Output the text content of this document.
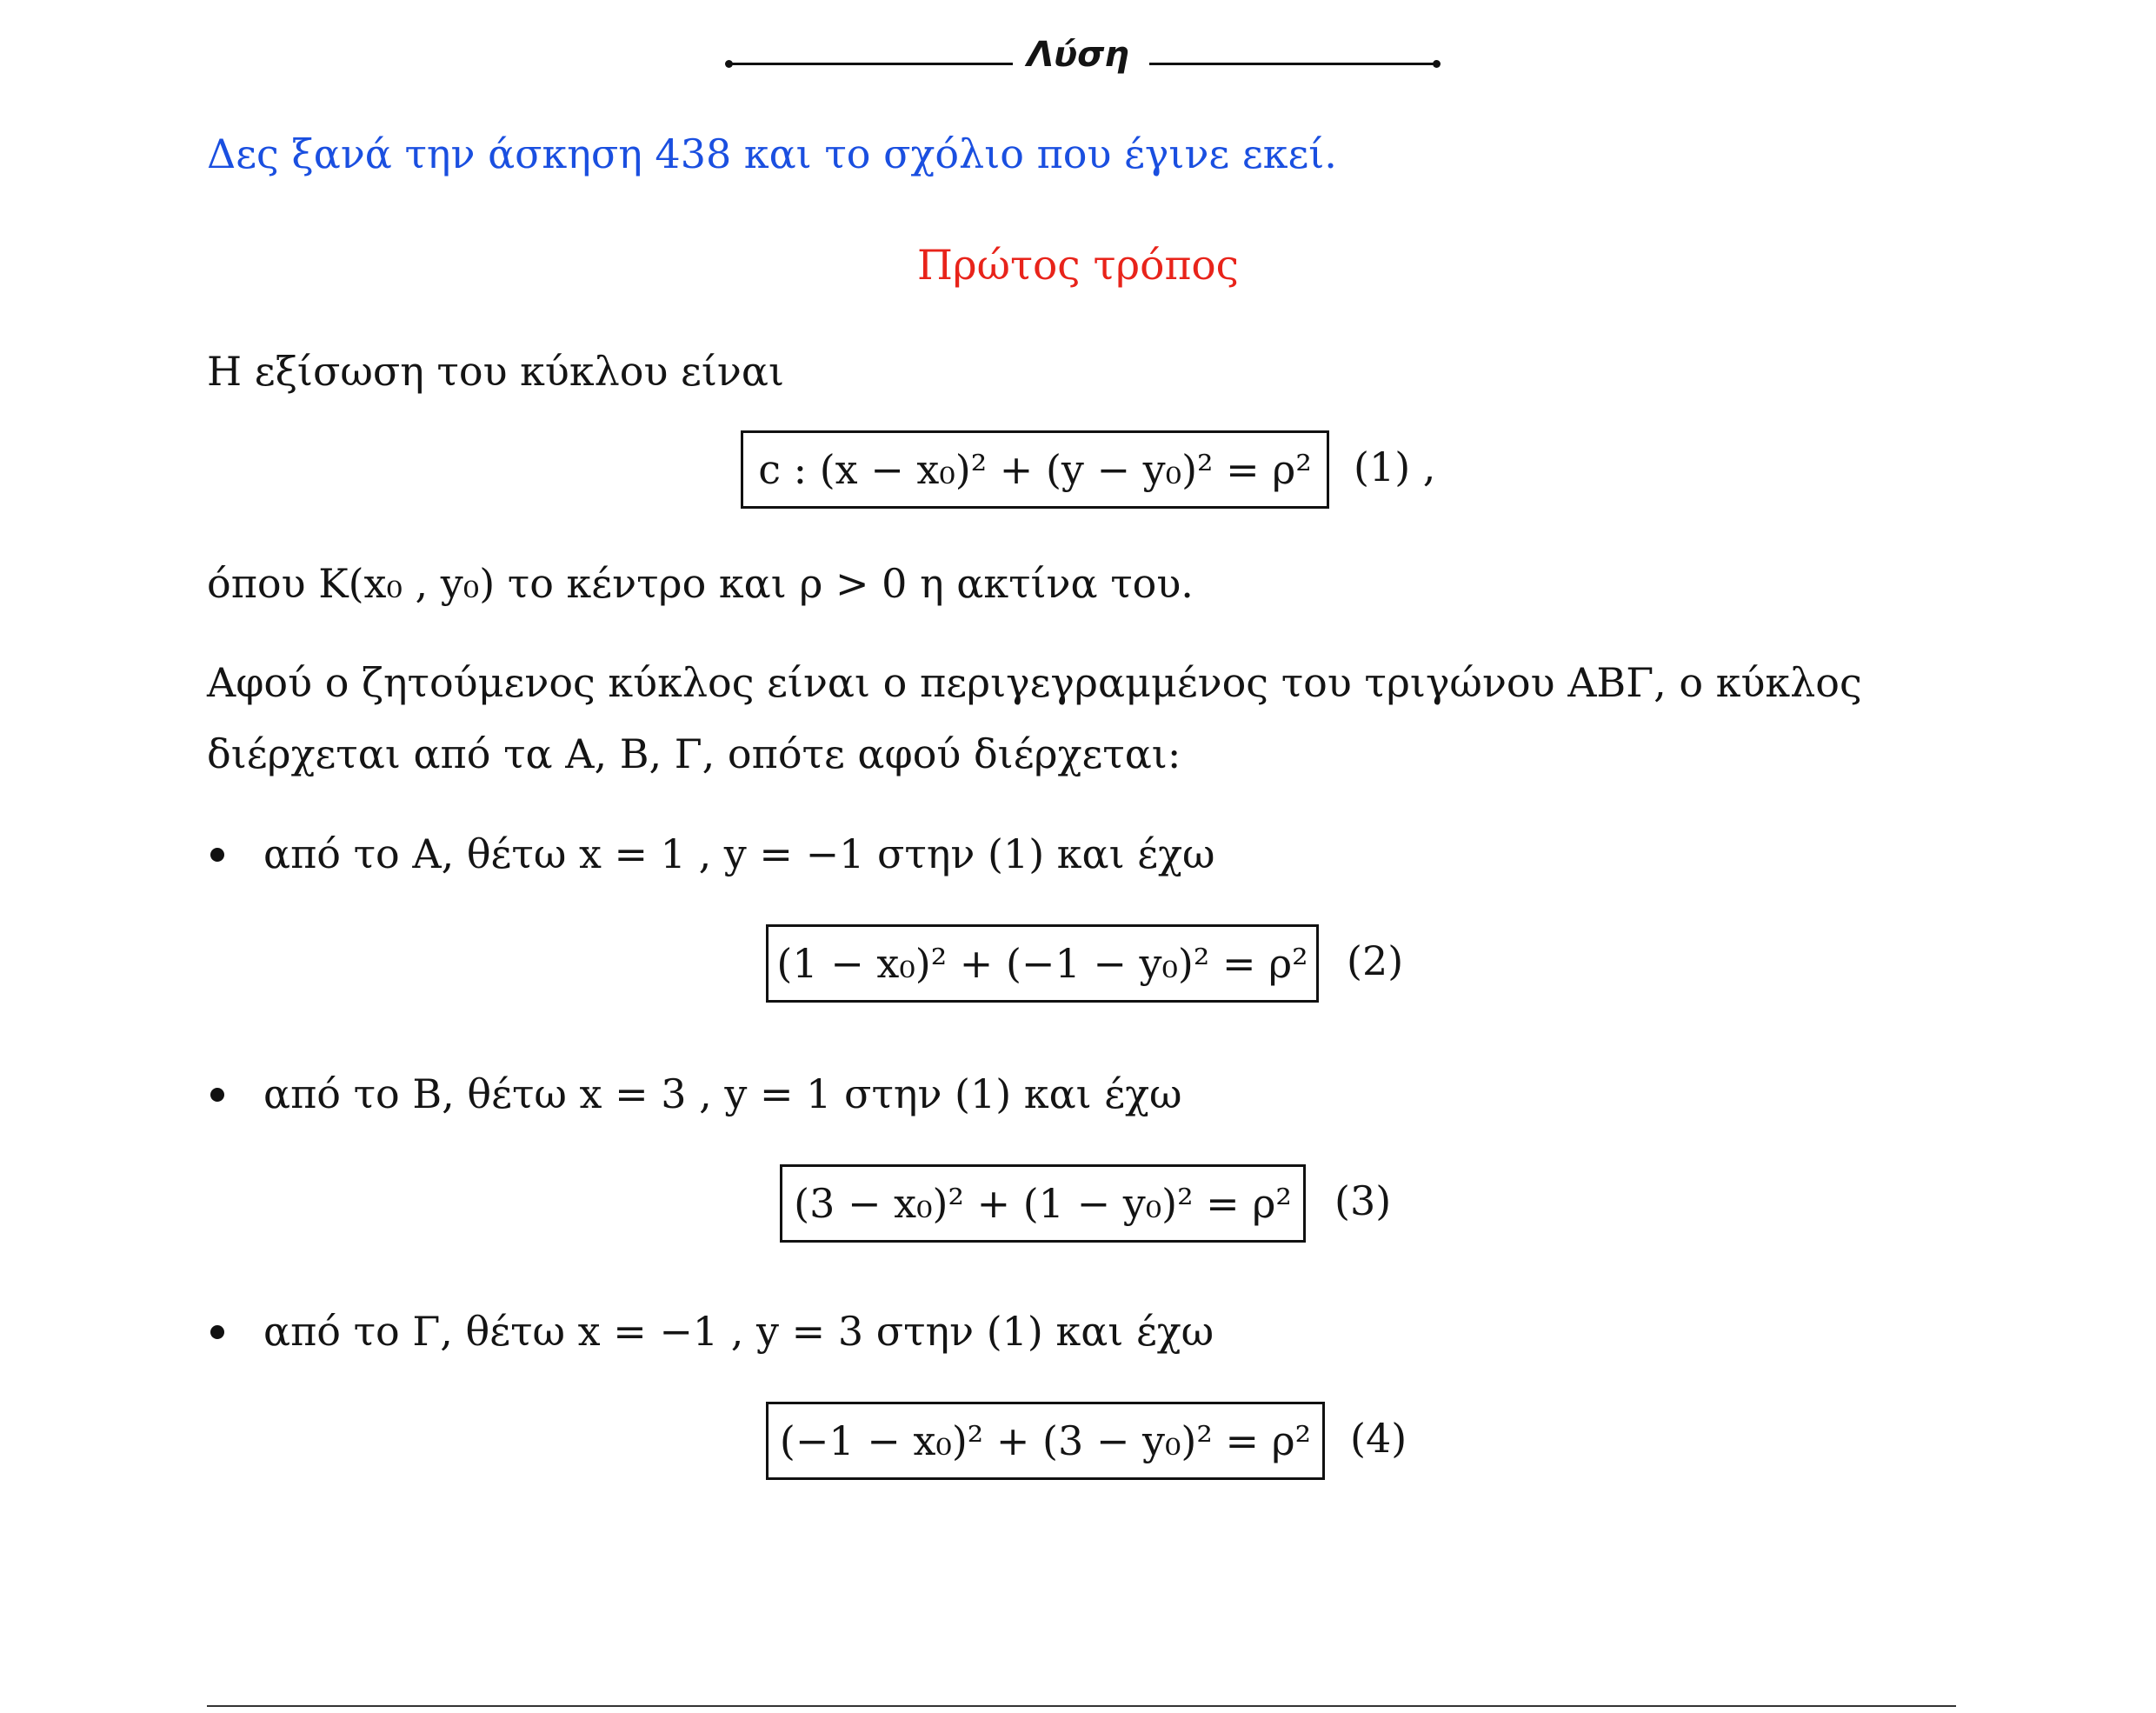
Λύση
Δες ξανά την άσκηση 438 και το σχόλιο που έγινε εκεί.
Πρώτος τρόπος
Η εξίσωση του κύκλου είναι
c : (x − x₀)² + (y − y₀)² = ρ² (1) ,
όπου K(x₀ , y₀) το κέντρο και ρ > 0 η ακτίνα του.
Αφού ο ζητούμενος κύκλος είναι ο περιγεγραμμένος του τριγώνου ΑΒΓ, ο κύκλος
διέρχεται από τα Α, Β, Γ, οπότε αφού διέρχεται:
από το Α, θέτω x = 1 , y = −1 στην (1) και έχω
(1 − x₀)² + (−1 − y₀)² = ρ² (2)
από το Β, θέτω x = 3 , y = 1 στην (1) και έχω
(3 − x₀)² + (1 − y₀)² = ρ² (3)
από το Γ, θέτω x = −1 , y = 3 στην (1) και έχω
(−1 − x₀)² + (3 − y₀)² = ρ² (4)
